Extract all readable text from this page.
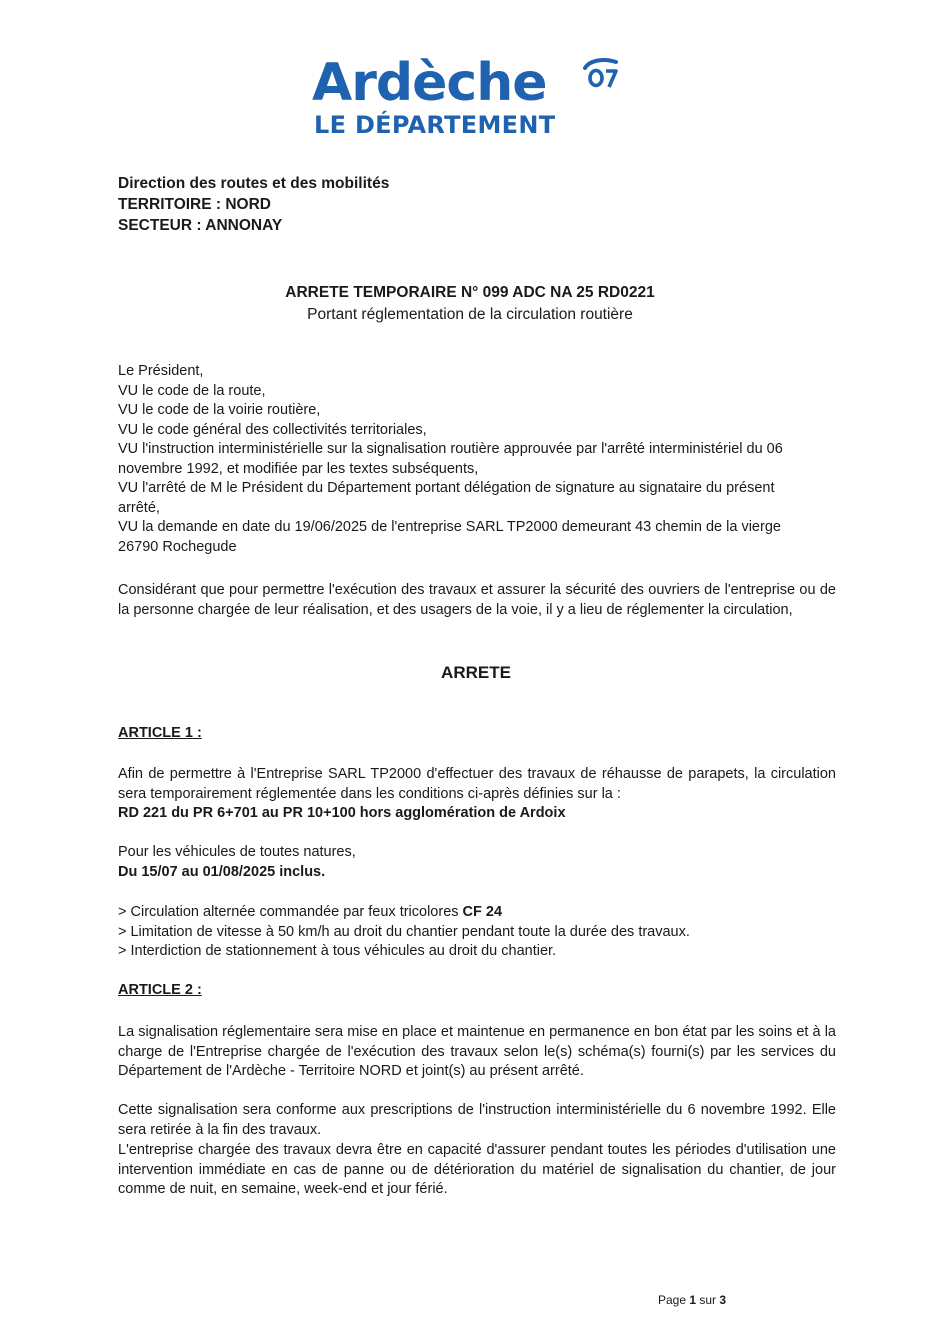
Ardèche
LE DÉPARTEMENT
Direction des routes et des mobilités
TERRITOIRE : NORD
SECTEUR : ANNONAY
ARRETE TEMPORAIRE N° 099 ADC NA 25 RD0221
Portant réglementation de la circulation routière
Le Président,
VU le code de la route,
VU le code de la voirie routière,
VU le code général des collectivités territoriales,
VU l'instruction interministérielle sur la signalisation routière approuvée par l'arrêté interministériel du 06
novembre 1992, et modifiée par les textes subséquents,
VU l'arrêté de M le Président du Département portant délégation de signature au signataire du présent
arrêté,
VU la demande en date du 19/06/2025 de l'entreprise SARL TP2000 demeurant 43 chemin de la vierge
26790 Rochegude

Considérant que pour permettre l'exécution des travaux et assurer la sécurité des ouvriers de l'entreprise ou de la personne chargée de leur réalisation, et des usagers de la voie, il y a lieu de réglementer la circulation,

ARRETE
ARTICLE 1 :
Afin de permettre à l'Entreprise SARL TP2000 d'effectuer des travaux de réhausse de parapets, la circulation sera temporairement réglementée dans les conditions ci-après définies sur la :
RD 221 du PR 6+701 au PR 10+100 hors agglomération de Ardoix
Pour les véhicules de toutes natures,
Du 15/07 au 01/08/2025 inclus.
> Circulation alternée commandée par feux tricolores CF 24
> Limitation de vitesse à 50 km/h au droit du chantier pendant toute la durée des travaux.
> Interdiction de stationnement à tous véhicules au droit du chantier.
ARTICLE 2 :

La signalisation réglementaire sera mise en place et maintenue en permanence en bon état par les soins et à la charge de l'Entreprise chargée de l'exécution des travaux selon le(s) schéma(s) fourni(s) par les services du Département de l'Ardèche - Territoire NORD et joint(s) au présent arrêté.

Cette signalisation sera conforme aux prescriptions de l'instruction interministérielle du 6 novembre 1992. Elle sera retirée à la fin des travaux.

L'entreprise chargée des travaux devra être en capacité d'assurer pendant toutes les périodes d'utilisation une intervention immédiate en cas de panne ou de détérioration du matériel de signalisation du chantier, de jour comme de nuit, en semaine, week-end et jour férié.

Page 1 sur 3
